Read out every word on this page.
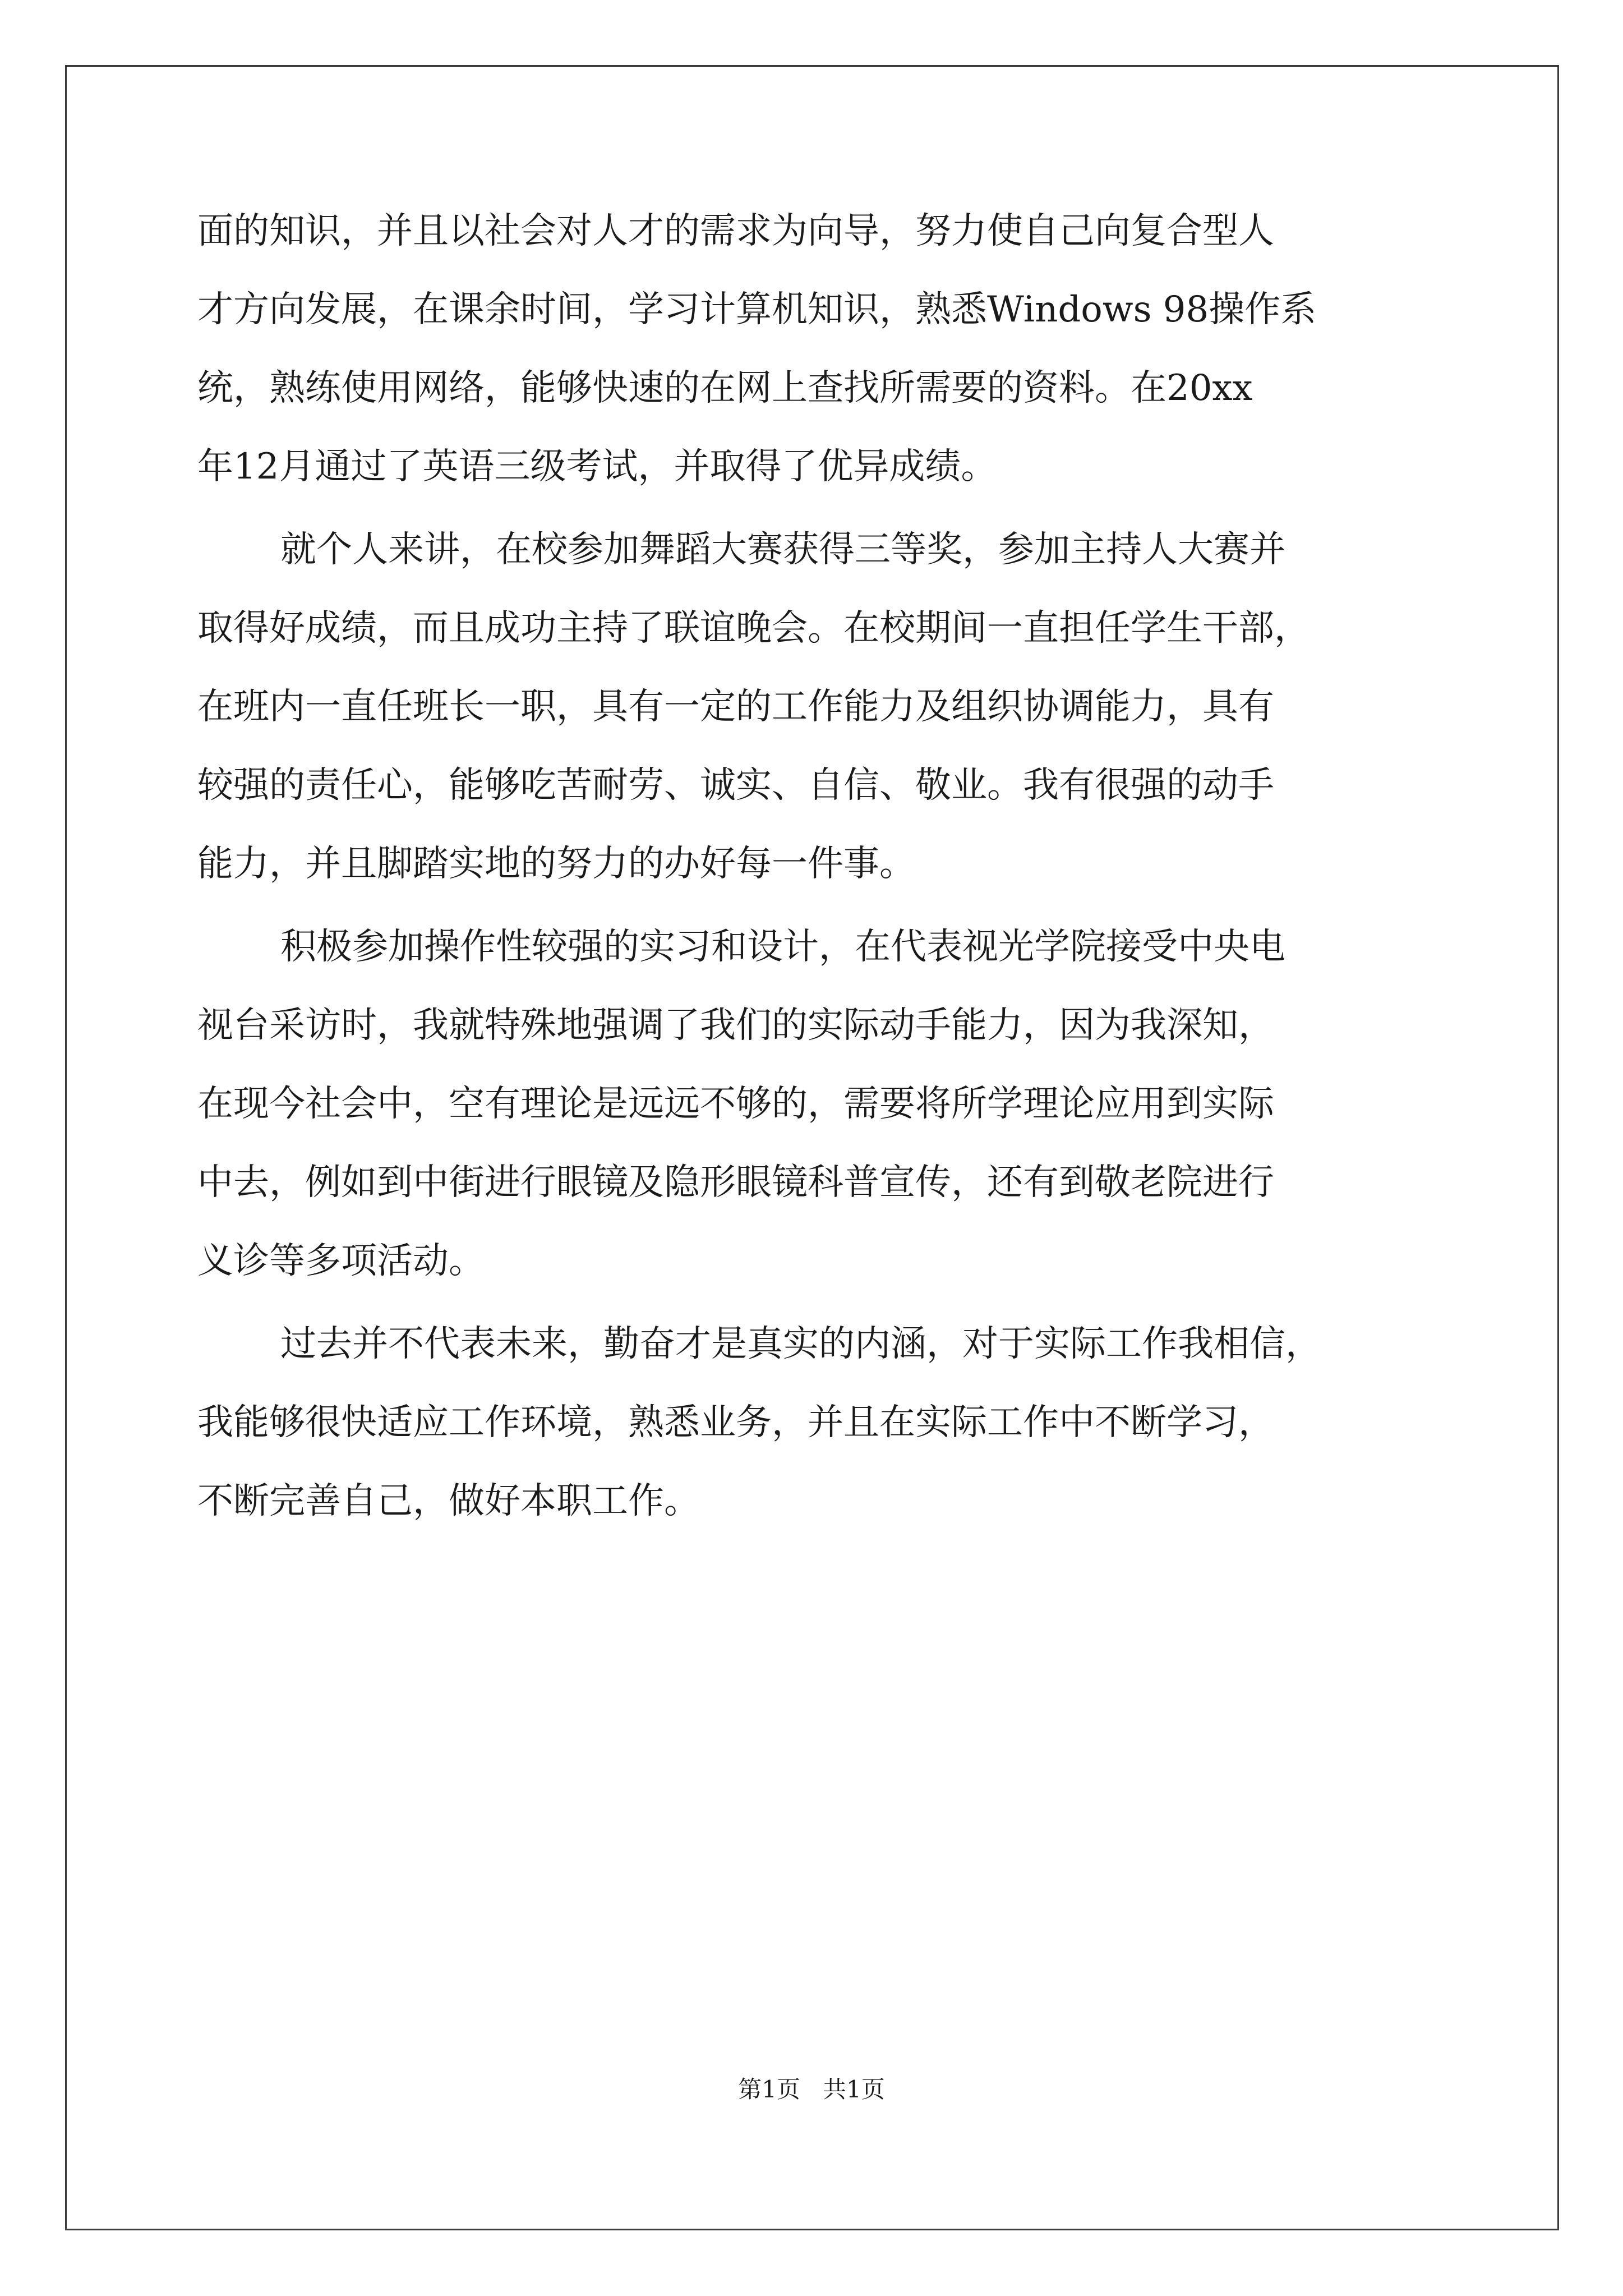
面的知识，并且以社会对人才的需求为向导，努力使自己向复合型人
才方向发展，在课余时间，学习计算机知识，熟悉Windows 98操作系
统，熟练使用网络，能够快速的在网上查找所需要的资料。在20xx
年12月通过了英语三级考试，并取得了优异成绩。
就个人来讲，在校参加舞蹈大赛获得三等奖，参加主持人大赛并
取得好成绩，而且成功主持了联谊晚会。在校期间一直担任学生干部，
在班内一直任班长一职，具有一定的工作能力及组织协调能力，具有
较强的责任心，能够吃苦耐劳、诚实、自信、敬业。我有很强的动手
能力，并且脚踏实地的努力的办好每一件事。
积极参加操作性较强的实习和设计，在代表视光学院接受中央电
视台采访时，我就特殊地强调了我们的实际动手能力，因为我深知，
在现今社会中，空有理论是远远不够的，需要将所学理论应用到实际
中去，例如到中街进行眼镜及隐形眼镜科普宣传，还有到敬老院进行
义诊等多项活动。
过去并不代表未来，勤奋才是真实的内涵，对于实际工作我相信，
我能够很快适应工作环境，熟悉业务，并且在实际工作中不断学习，
不断完善自己，做好本职工作。
第1页   共1页
